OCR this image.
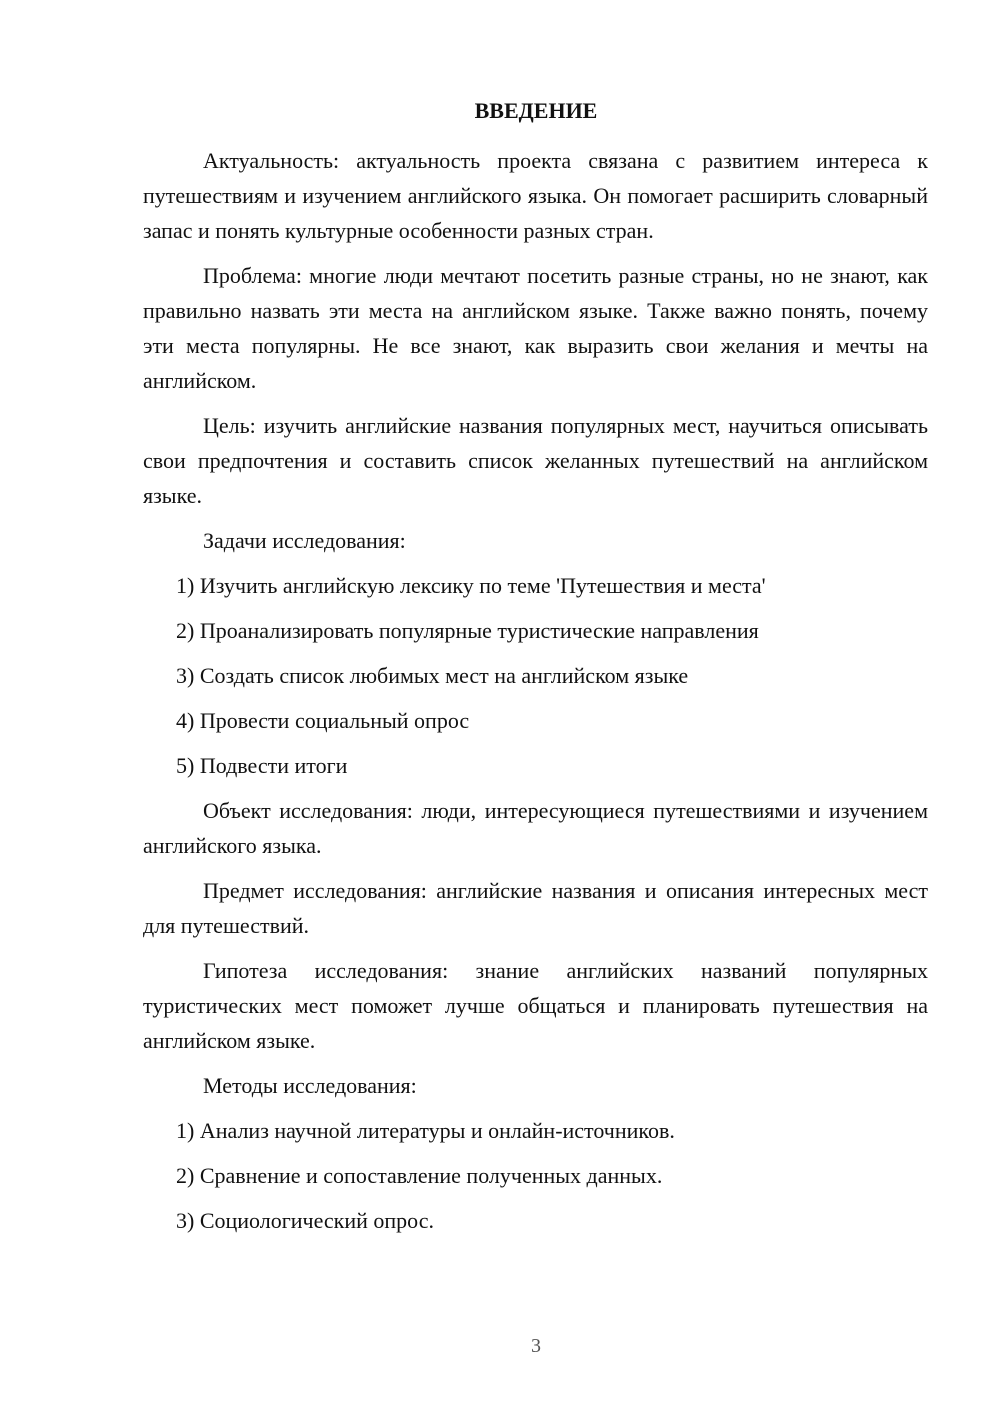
ВВЕДЕНИЕ

Актуальность: актуальность проекта связана с развитием интереса к путешествиям и изучением английского языка. Он помогает расширить словарный запас и понять культурные особенности разных стран.

Проблема: многие люди мечтают посетить разные страны, но не знают, как правильно назвать эти места на английском языке. Также важно понять, почему эти места популярны. Не все знают, как выразить свои желания и мечты на английском.

Цель: изучить английские названия популярных мест, научиться описывать свои предпочтения и составить список желанных путешествий на английском языке.

Задачи исследования:

1) Изучить английскую лексику по теме 'Путешествия и места'

2) Проанализировать популярные туристические направления

3) Создать список любимых мест на английском языке

4) Провести социальный опрос

5) Подвести итоги

Объект исследования: люди, интересующиеся путешествиями и изучением английского языка.

Предмет исследования: английские названия и описания интересных мест для путешествий.

Гипотеза исследования: знание английских названий популярных туристических мест поможет лучше общаться и планировать путешествия на английском языке.

Методы исследования:

1) Анализ научной литературы и онлайн-источников.

2) Сравнение и сопоставление полученных данных.

3) Социологический опрос.

3
